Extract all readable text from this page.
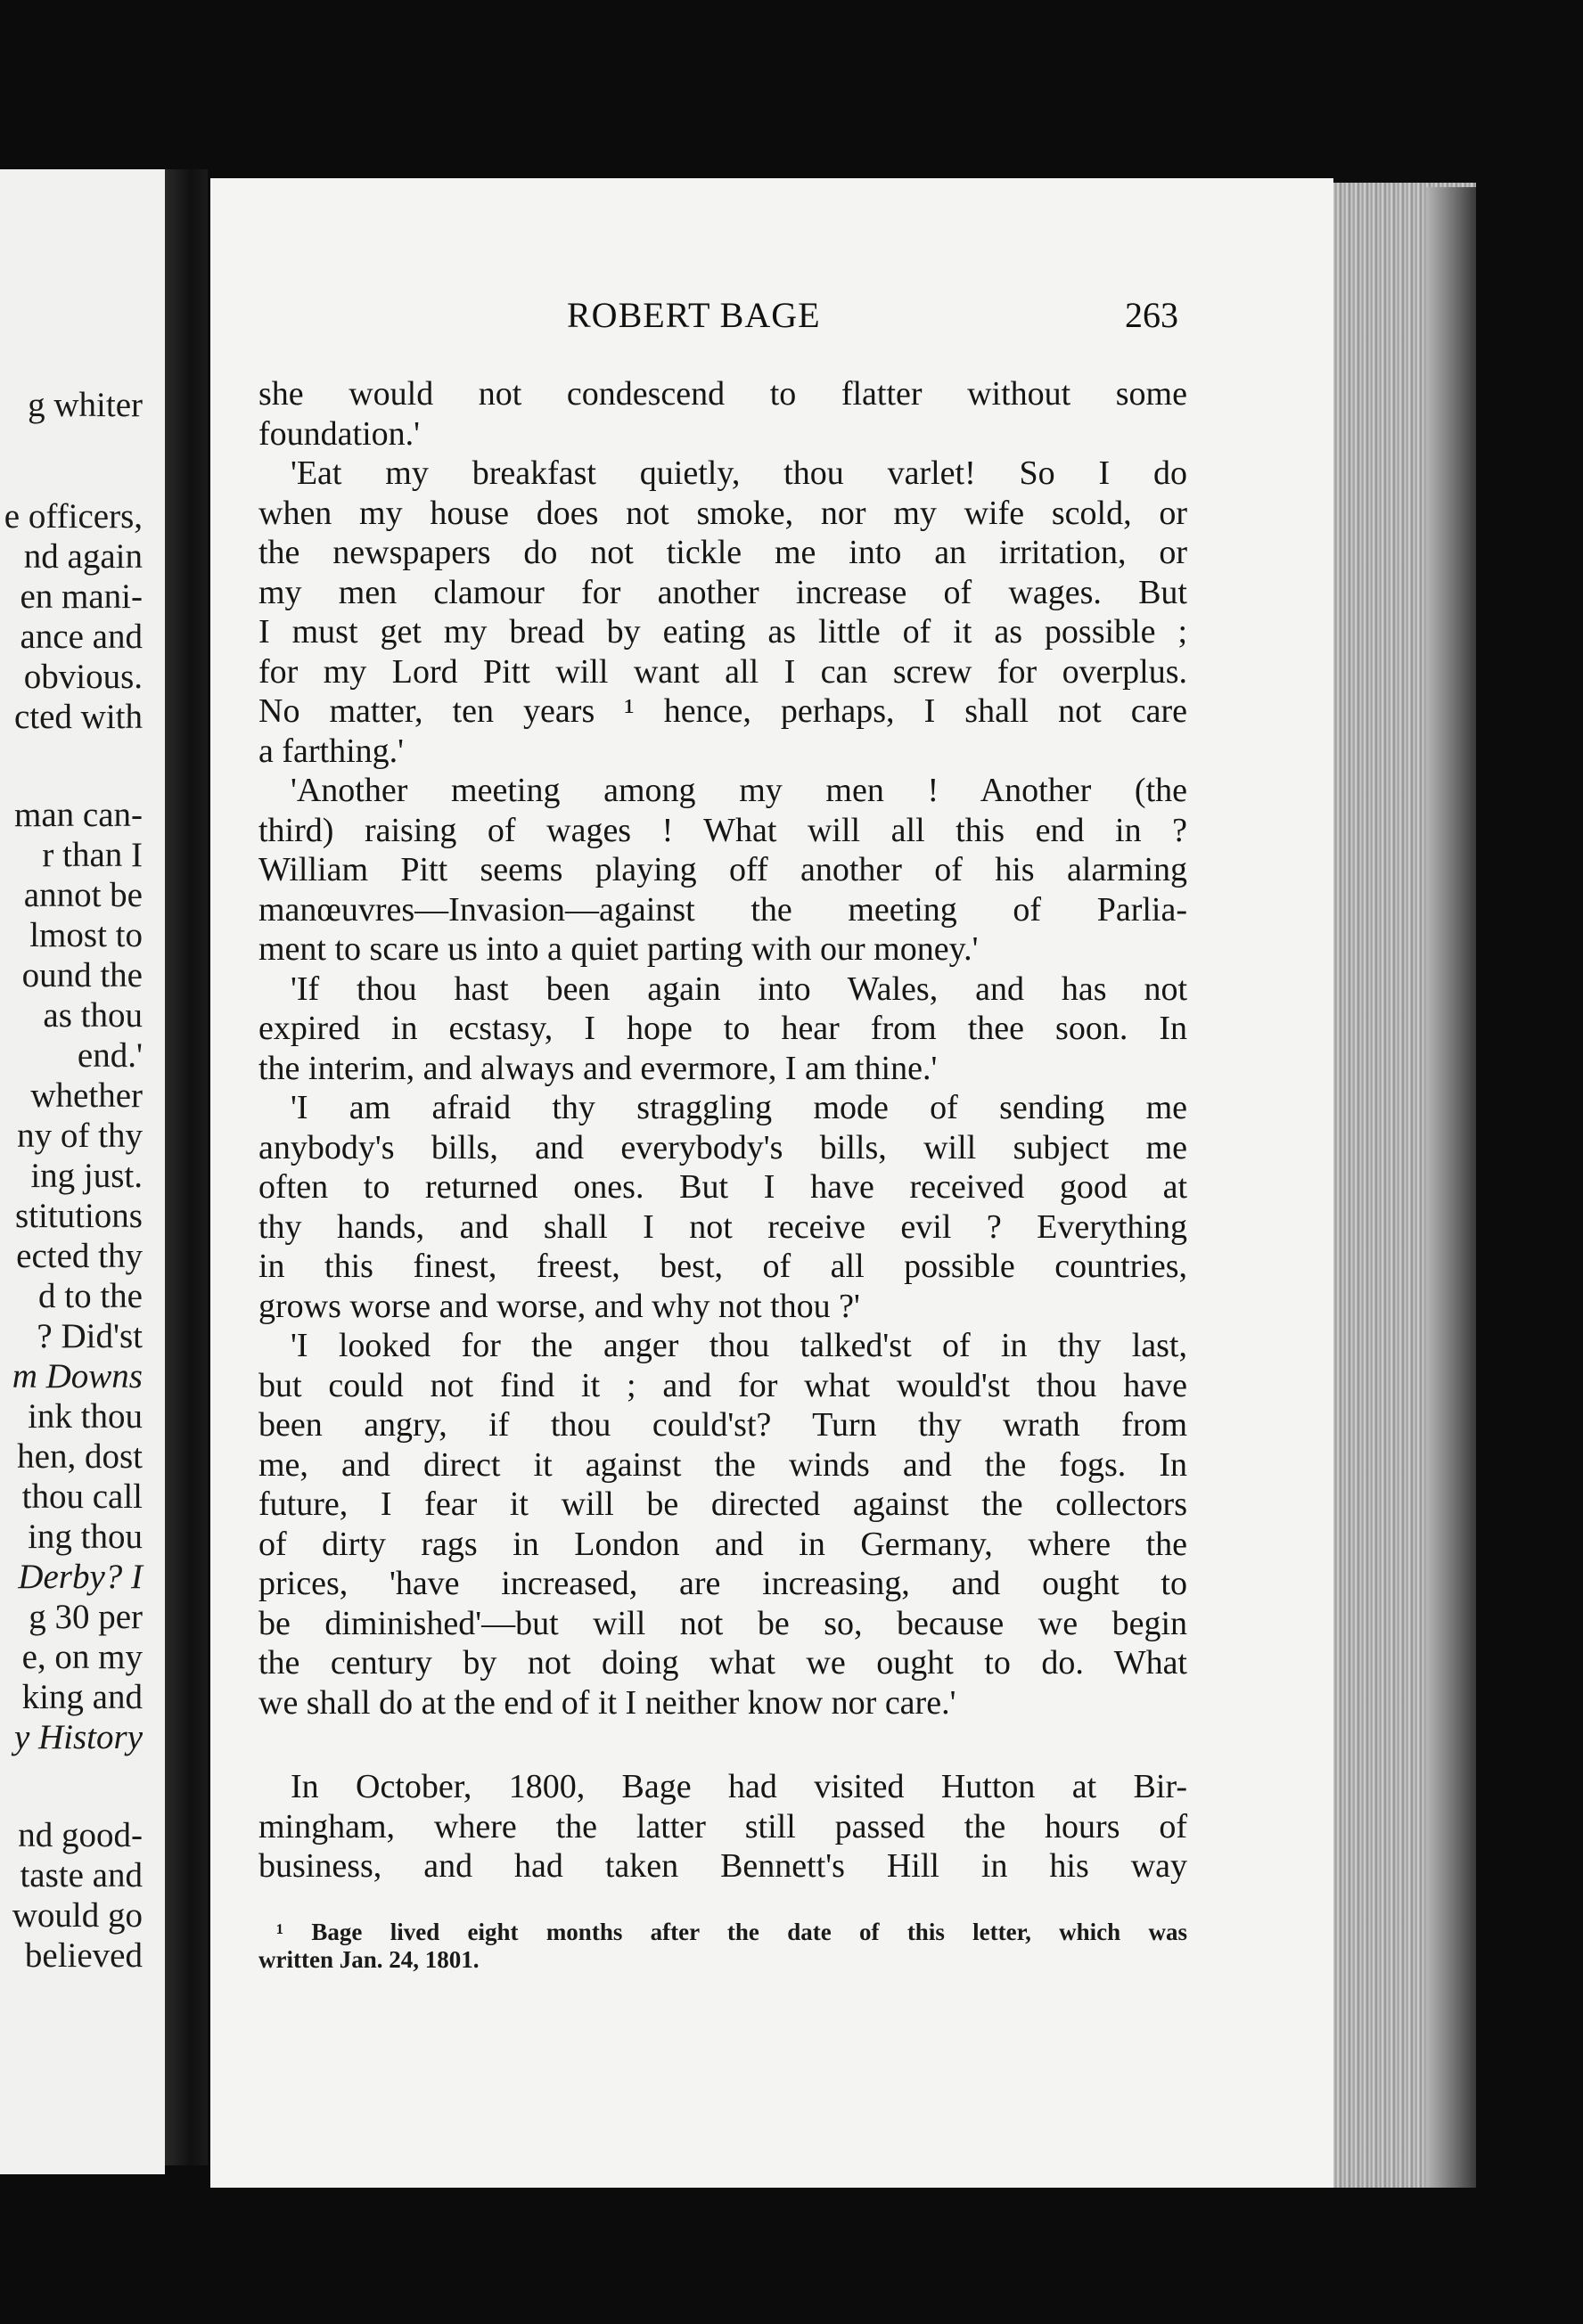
g whiter
e officers,
nd again
en mani-
ance and
obvious.
cted with
man can-
r than I
annot be
lmost to
ound the
as thou
end.'
whether
ny of thy
ing just.
stitutions
ected thy
d to the
? Did'st
m Downs
ink thou
hen, dost
thou call
ing thou
Derby? I
g 30 per
e, on my
king and
y History
nd good-
taste and
would go
believed
ROBERT BAGE	263
she would not condescend to flatter without some
foundation.'
'Eat my breakfast quietly, thou varlet! So I do
when my house does not smoke, nor my wife scold, or
the newspapers do not tickle me into an irritation, or
my men clamour for another increase of wages. But
I must get my bread by eating as little of it as possible ;
for my Lord Pitt will want all I can screw for overplus.
No matter, ten years ¹ hence, perhaps, I shall not care
a farthing.'
'Another meeting among my men ! Another (the
third) raising of wages ! What will all this end in ?
William Pitt seems playing off another of his alarming
manœuvres—Invasion—against the meeting of Parlia-
ment to scare us into a quiet parting with our money.'
'If thou hast been again into Wales, and has not
expired in ecstasy, I hope to hear from thee soon. In
the interim, and always and evermore, I am thine.'
'I am afraid thy straggling mode of sending me
anybody's bills, and everybody's bills, will subject me
often to returned ones. But I have received good at
thy hands, and shall I not receive evil ? Everything
in this finest, freest, best, of all possible countries,
grows worse and worse, and why not thou ?'
'I looked for the anger thou talked'st of in thy last,
but could not find it ; and for what would'st thou have
been angry, if thou could'st? Turn thy wrath from
me, and direct it against the winds and the fogs. In
future, I fear it will be directed against the collectors
of dirty rags in London and in Germany, where the
prices, 'have increased, are increasing, and ought to
be diminished'—but will not be so, because we begin
the century by not doing what we ought to do. What
we shall do at the end of it I neither know nor care.'
In October, 1800, Bage had visited Hutton at Bir-
mingham, where the latter still passed the hours of
business, and had taken Bennett's Hill in his way
¹ Bage lived eight months after the date of this letter, which was
written Jan. 24, 1801.
